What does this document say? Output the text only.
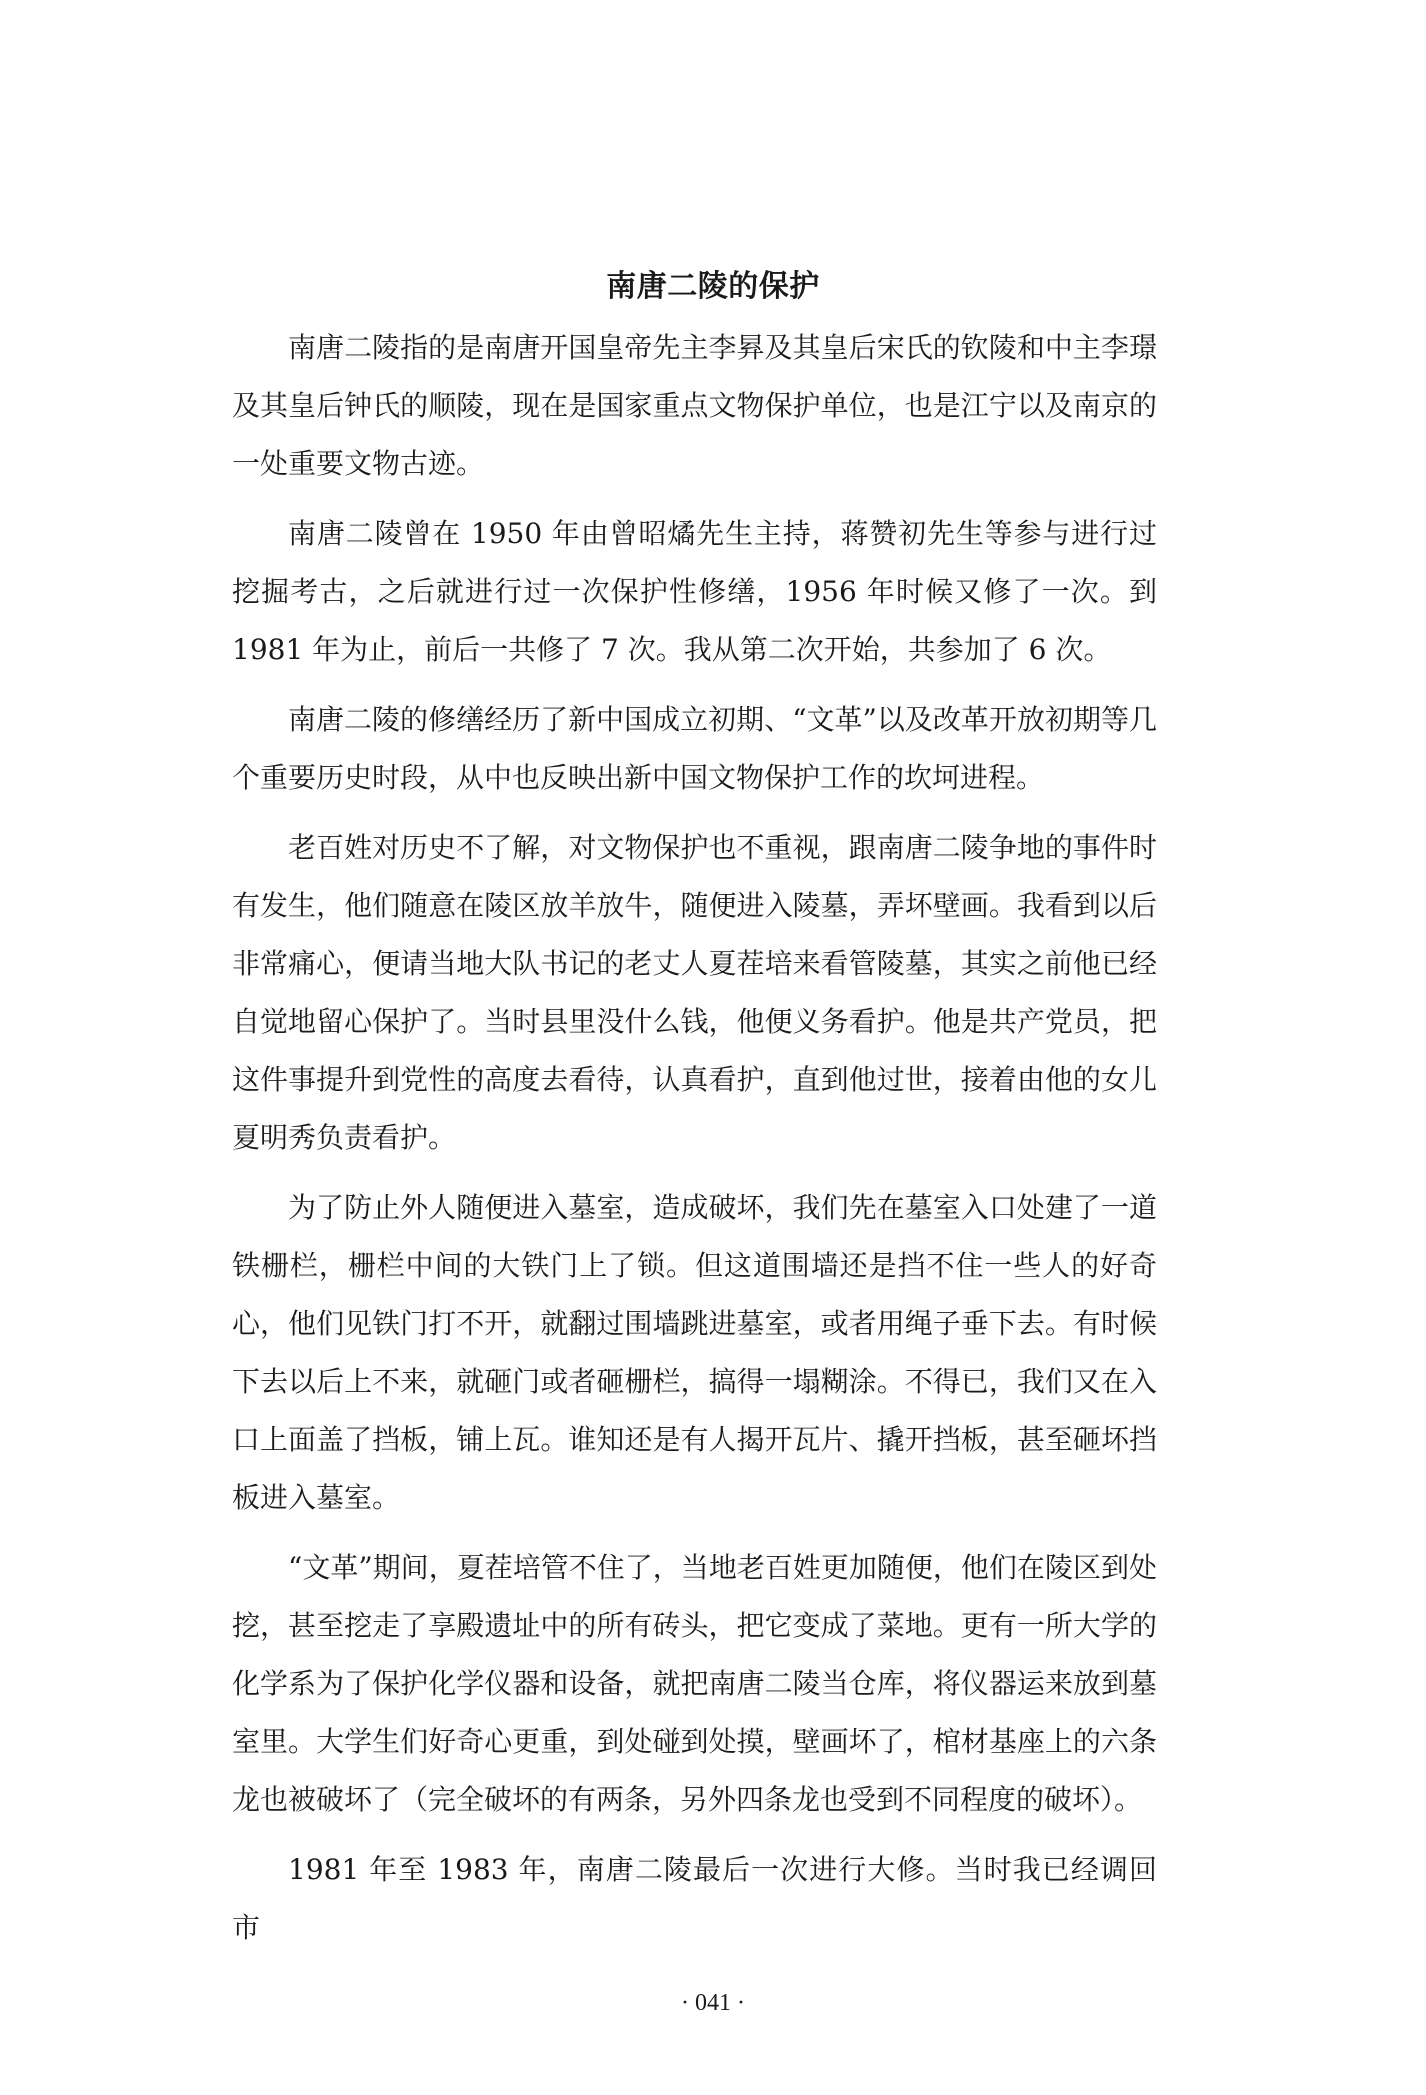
南唐二陵的保护

南唐二陵指的是南唐开国皇帝先主李昪及其皇后宋氏的钦陵和中主李璟及其皇后钟氏的顺陵，现在是国家重点文物保护单位，也是江宁以及南京的一处重要文物古迹。

南唐二陵曾在 1950 年由曾昭燏先生主持，蒋赞初先生等参与进行过挖掘考古，之后就进行过一次保护性修缮，1956 年时候又修了一次。到 1981 年为止，前后一共修了 7 次。我从第二次开始，共参加了 6 次。

南唐二陵的修缮经历了新中国成立初期、“文革”以及改革开放初期等几个重要历史时段，从中也反映出新中国文物保护工作的坎坷进程。

老百姓对历史不了解，对文物保护也不重视，跟南唐二陵争地的事件时有发生，他们随意在陵区放羊放牛，随便进入陵墓，弄坏壁画。我看到以后非常痛心，便请当地大队书记的老丈人夏茬培来看管陵墓，其实之前他已经自觉地留心保护了。当时县里没什么钱，他便义务看护。他是共产党员，把这件事提升到党性的高度去看待，认真看护，直到他过世，接着由他的女儿夏明秀负责看护。

为了防止外人随便进入墓室，造成破坏，我们先在墓室入口处建了一道铁栅栏，栅栏中间的大铁门上了锁。但这道围墙还是挡不住一些人的好奇心，他们见铁门打不开，就翻过围墙跳进墓室，或者用绳子垂下去。有时候下去以后上不来，就砸门或者砸栅栏，搞得一塌糊涂。不得已，我们又在入口上面盖了挡板，铺上瓦。谁知还是有人揭开瓦片、撬开挡板，甚至砸坏挡板进入墓室。

“文革”期间，夏茬培管不住了，当地老百姓更加随便，他们在陵区到处挖，甚至挖走了享殿遗址中的所有砖头，把它变成了菜地。更有一所大学的化学系为了保护化学仪器和设备，就把南唐二陵当仓库，将仪器运来放到墓室里。大学生们好奇心更重，到处碰到处摸，壁画坏了，棺材基座上的六条龙也被破坏了（完全破坏的有两条，另外四条龙也受到不同程度的破坏）。

1981 年至 1983 年，南唐二陵最后一次进行大修。当时我已经调回市

· 041 ·
